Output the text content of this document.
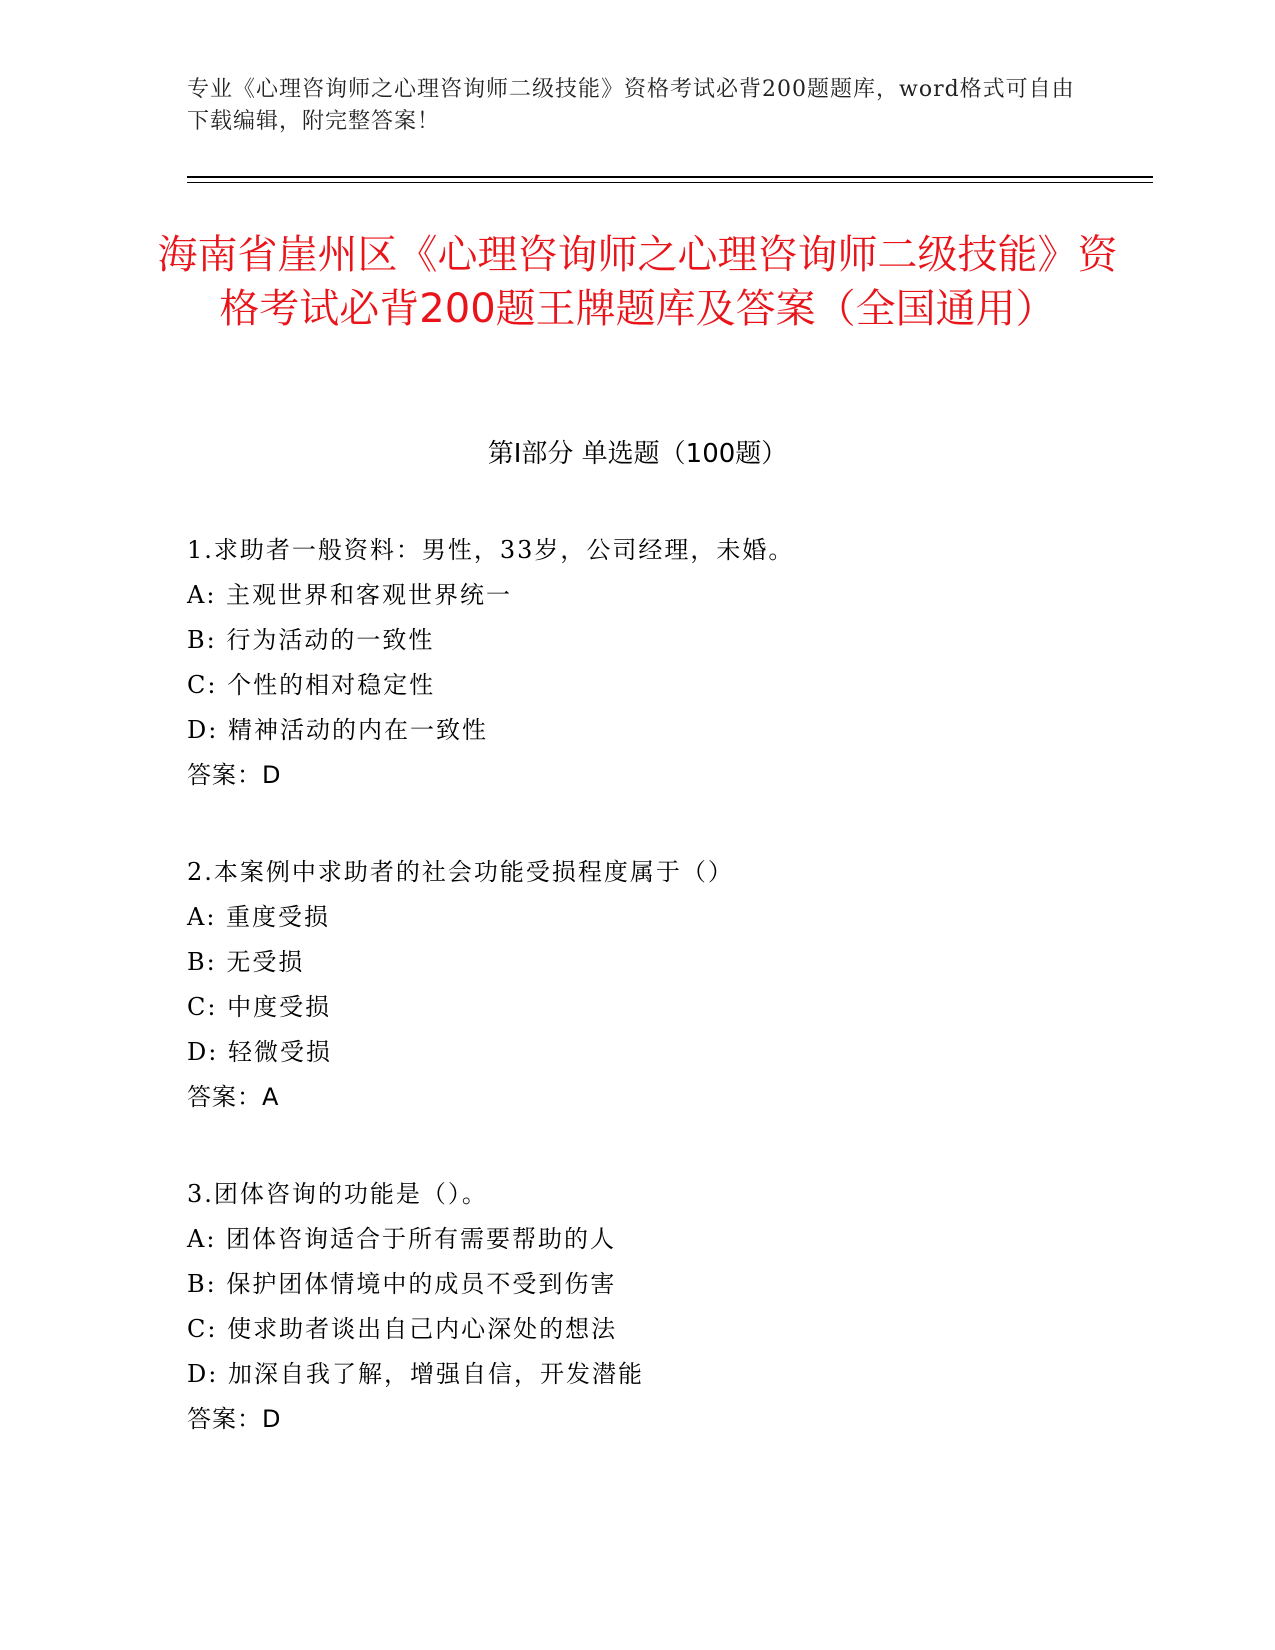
专业《心理咨询师之心理咨询师二级技能》资格考试必背200题题库，word格式可自由下载编辑，附完整答案！
海南省崖州区《心理咨询师之心理咨询师二级技能》资格考试必背200题王牌题库及答案（全国通用）
第Ⅰ部分 单选题（100题）
1.求助者一般资料：男性，33岁，公司经理，未婚。
A: 主观世界和客观世界统一
B: 行为活动的一致性
C: 个性的相对稳定性
D: 精神活动的内在一致性
答案：D
2.本案例中求助者的社会功能受损程度属于（）
A: 重度受损
B: 无受损
C: 中度受损
D: 轻微受损
答案：A
3.团体咨询的功能是（）。
A: 团体咨询适合于所有需要帮助的人
B: 保护团体情境中的成员不受到伤害
C: 使求助者谈出自己内心深处的想法
D: 加深自我了解，增强自信，开发潜能
答案：D
